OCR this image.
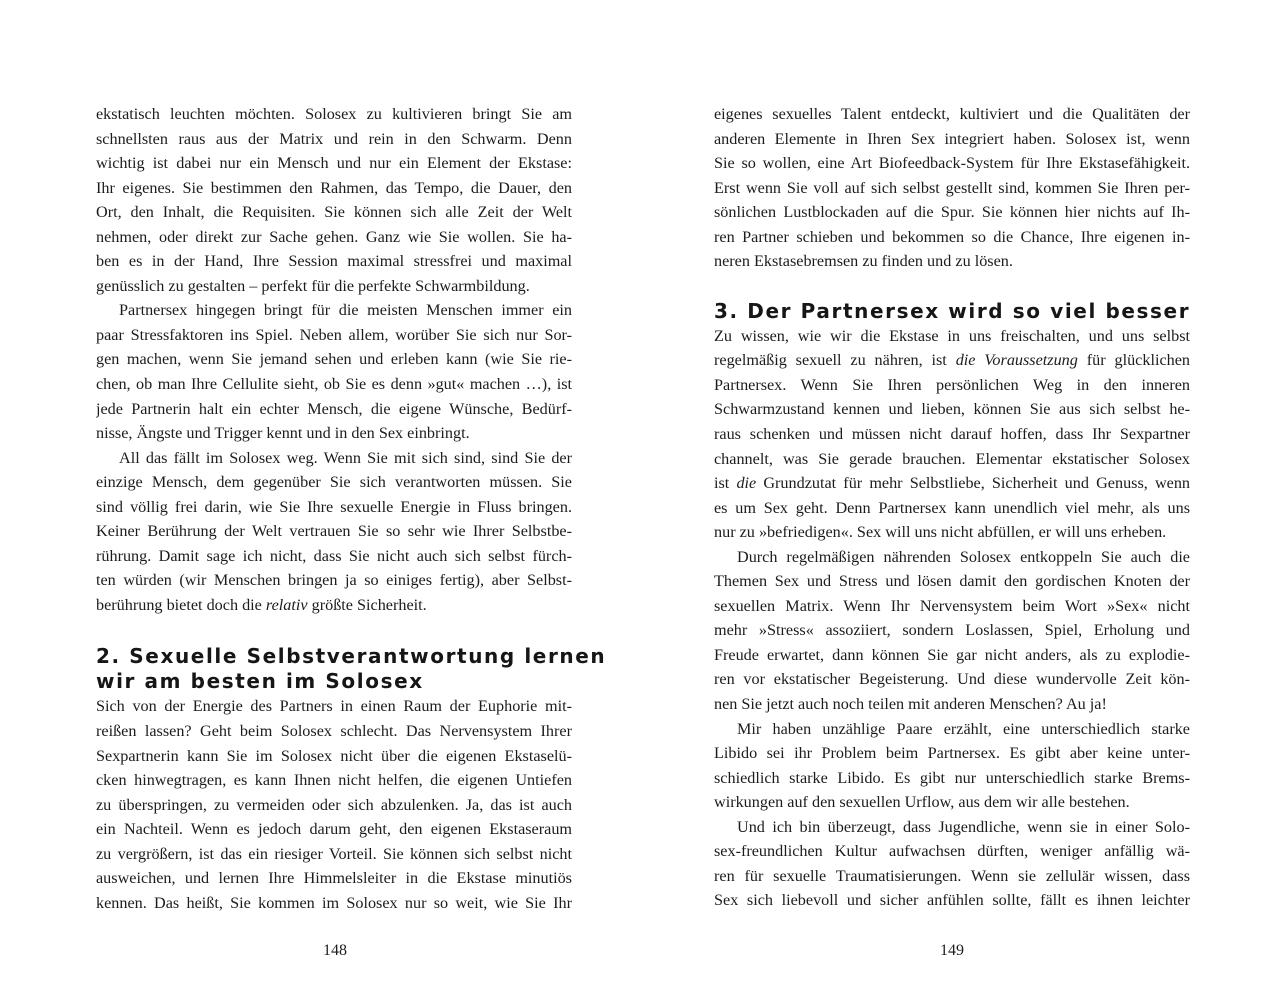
ekstatisch leuchten möchten. Solosex zu kultivieren bringt Sie am
schnellsten raus aus der Matrix und rein in den Schwarm. Denn
wichtig ist dabei nur ein Mensch und nur ein Element der Ekstase:
Ihr eigenes. Sie bestimmen den Rahmen, das Tempo, die Dauer, den
Ort, den Inhalt, die Requisiten. Sie können sich alle Zeit der Welt
nehmen, oder direkt zur Sache gehen. Ganz wie Sie wollen. Sie ha-
ben es in der Hand, Ihre Session maximal stressfrei und maximal
genüsslich zu gestalten – perfekt für die perfekte Schwarmbildung.
Partnersex hingegen bringt für die meisten Menschen immer ein
paar Stressfaktoren ins Spiel. Neben allem, worüber Sie sich nur Sor-
gen machen, wenn Sie jemand sehen und erleben kann (wie Sie rie-
chen, ob man Ihre Cellulite sieht, ob Sie es denn »gut« machen …), ist
jede Partnerin halt ein echter Mensch, die eigene Wünsche, Bedürf-
nisse, Ängste und Trigger kennt und in den Sex einbringt.
All das fällt im Solosex weg. Wenn Sie mit sich sind, sind Sie der
einzige Mensch, dem gegenüber Sie sich verantworten müssen. Sie
sind völlig frei darin, wie Sie Ihre sexuelle Energie in Fluss bringen.
Keiner Berührung der Welt vertrauen Sie so sehr wie Ihrer Selbstbe-
rührung. Damit sage ich nicht, dass Sie nicht auch sich selbst fürch-
ten würden (wir Menschen bringen ja so einiges fertig), aber Selbst-
berührung bietet doch die relativ größte Sicherheit.
2. Sexuelle Selbstverantwortung lernen
wir am besten im Solosex
Sich von der Energie des Partners in einen Raum der Euphorie mit-
reißen lassen? Geht beim Solosex schlecht. Das Nervensystem Ihrer
Sexpartnerin kann Sie im Solosex nicht über die eigenen Ekstaselü-
cken hinwegtragen, es kann Ihnen nicht helfen, die eigenen Untiefen
zu überspringen, zu vermeiden oder sich abzulenken. Ja, das ist auch
ein Nachteil. Wenn es jedoch darum geht, den eigenen Ekstaseraum
zu vergrößern, ist das ein riesiger Vorteil. Sie können sich selbst nicht
ausweichen, und lernen Ihre Himmelsleiter in die Ekstase minutiös
kennen. Das heißt, Sie kommen im Solosex nur so weit, wie Sie Ihr
eigenes sexuelles Talent entdeckt, kultiviert und die Qualitäten der
anderen Elemente in Ihren Sex integriert haben. Solosex ist, wenn
Sie so wollen, eine Art Biofeedback-System für Ihre Ekstasefähigkeit.
Erst wenn Sie voll auf sich selbst gestellt sind, kommen Sie Ihren per-
sönlichen Lustblockaden auf die Spur. Sie können hier nichts auf Ih-
ren Partner schieben und bekommen so die Chance, Ihre eigenen in-
neren Ekstasebremsen zu finden und zu lösen.
3. Der Partnersex wird so viel besser
Zu wissen, wie wir die Ekstase in uns freischalten, und uns selbst
regelmäßig sexuell zu nähren, ist die Voraussetzung für glücklichen
Partnersex. Wenn Sie Ihren persönlichen Weg in den inneren
Schwarmzustand kennen und lieben, können Sie aus sich selbst he-
raus schenken und müssen nicht darauf hoffen, dass Ihr Sexpartner
channelt, was Sie gerade brauchen. Elementar ekstatischer Solosex
ist die Grundzutat für mehr Selbstliebe, Sicherheit und Genuss, wenn
es um Sex geht. Denn Partnersex kann unendlich viel mehr, als uns
nur zu »befriedigen«. Sex will uns nicht abfüllen, er will uns erheben.
Durch regelmäßigen nährenden Solosex entkoppeln Sie auch die
Themen Sex und Stress und lösen damit den gordischen Knoten der
sexuellen Matrix. Wenn Ihr Nervensystem beim Wort »Sex« nicht
mehr »Stress« assoziiert, sondern Loslassen, Spiel, Erholung und
Freude erwartet, dann können Sie gar nicht anders, als zu explodie-
ren vor ekstatischer Begeisterung. Und diese wundervolle Zeit kön-
nen Sie jetzt auch noch teilen mit anderen Menschen? Au ja!
Mir haben unzählige Paare erzählt, eine unterschiedlich starke
Libido sei ihr Problem beim Partnersex. Es gibt aber keine unter-
schiedlich starke Libido. Es gibt nur unterschiedlich starke Brems-
wirkungen auf den sexuellen Urflow, aus dem wir alle bestehen.
Und ich bin überzeugt, dass Jugendliche, wenn sie in einer Solo-
sex-freundlichen Kultur aufwachsen dürften, weniger anfällig wä-
ren für sexuelle Traumatisierungen. Wenn sie zellulär wissen, dass
Sex sich liebevoll und sicher anfühlen sollte, fällt es ihnen leichter
148	149
